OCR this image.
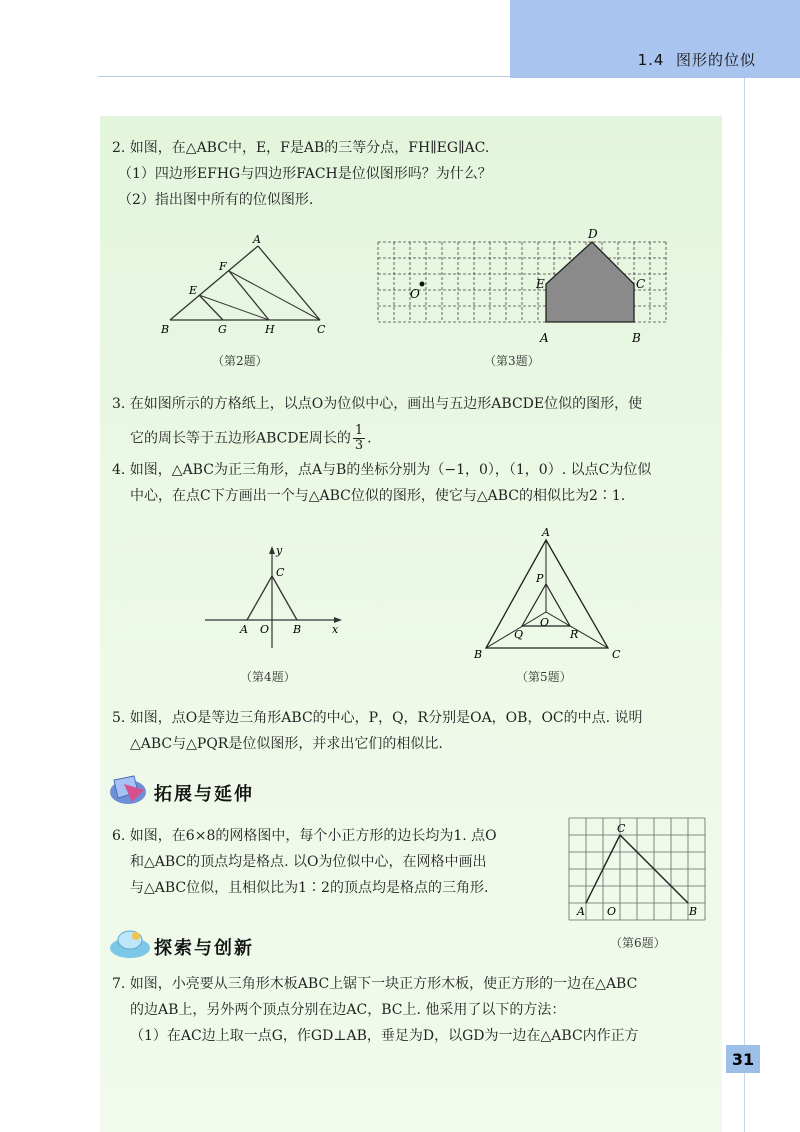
1.4 图形的位似
2. 如图，在△ABC中，E，F是AB的三等分点，FH∥EG∥AC.
（1）四边形EFHG与四边形FACH是位似图形吗？为什么？
（2）指出图中所有的位似图形.
B	G	H	C
E
F
A
（第2题）
D
E	C
O
A	B
（第3题）
3. 在如图所示的方格纸上，以点O为位似中心，画出与五边形ABCDE位似的图形，使
它的周长等于五边形ABCDE周长的 $\frac{1}{3}$ .
4. 如图，△ABC为正三角形，点A与B的坐标分别为（−1，0），（1，0）. 以点C为位似
中心，在点C下方画出一个与△ABC位似的图形，使它与△ABC的相似比为2∶1.
y
C
A O B	x
（第4题）
A
P
O
Q	R
B	C
（第5题）
5. 如图，点O是等边三角形ABC的中心，P，Q，R分别是OA，OB，OC的中点. 说明
△ABC与△PQR是位似图形，并求出它们的相似比.
拓展与延伸
6. 如图，在6×8的网格图中，每个小正方形的边长均为1. 点O
和△ABC的顶点均是格点. 以O为位似中心，在网格中画出
与△ABC位似，且相似比为1∶2的顶点均是格点的三角形.
C
A O	B
（第6题）
探索与创新
7. 如图，小亮要从三角形木板ABC上锯下一块正方形木板，使正方形的一边在△ABC
的边AB上，另外两个顶点分别在边AC，BC上. 他采用了以下的方法：
（1）在AC边上取一点G，作GD⊥AB，垂足为D，以GD为一边在△ABC内作正方
31
